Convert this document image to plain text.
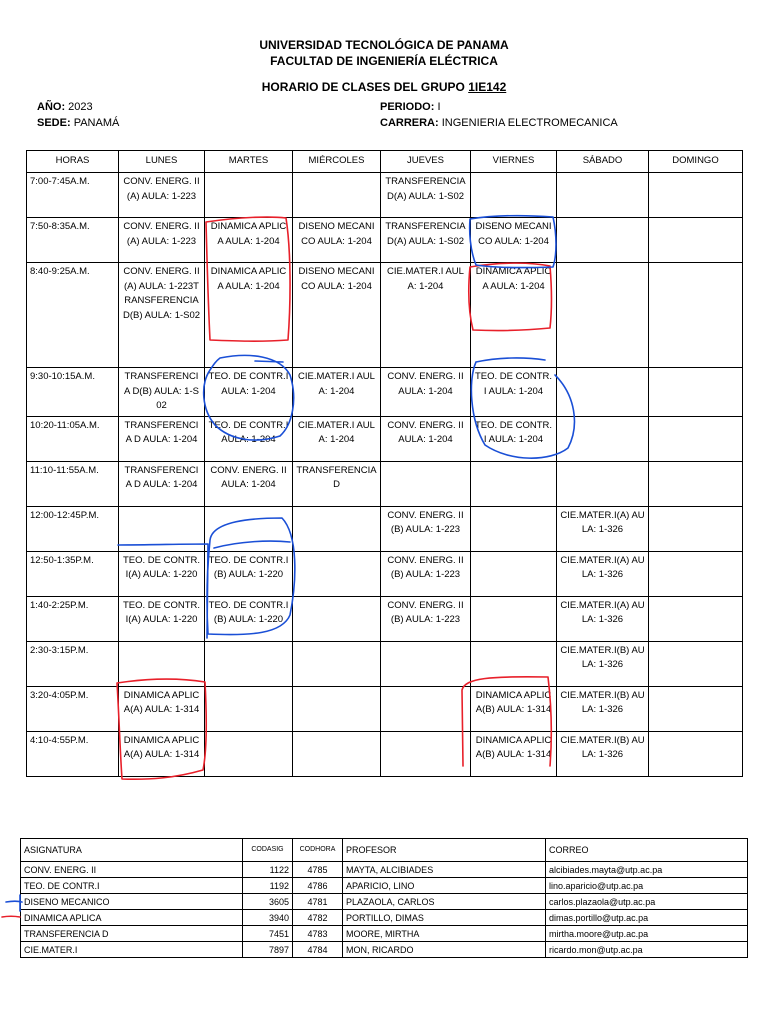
UNIVERSIDAD TECNOLÓGICA DE PANAMA
FACULTAD DE INGENIERÍA ELÉCTRICA
HORARIO DE CLASES DEL GRUPO 1IE142
AÑO: 2023
SEDE: PANAMÁ
PERIODO: I
CARRERA: INGENIERIA ELECTROMECANICA
HORAS	LUNES	MARTES	MIÉRCOLES	JUEVES	VIERNES	SÁBADO	DOMINGO
7:00-7:45A.M.	CONV. ENERG. II(A) AULA: 1-223			TRANSFERENCIA D(A) AULA: 1-S02			
7:50-8:35A.M.	CONV. ENERG. II(A) AULA: 1-223	DINAMICA APLICA AULA: 1-204	DISENO MECANICO AULA: 1-204	TRANSFERENCIA D(A) AULA: 1-S02	DISENO MECANICO AULA: 1-204		
8:40-9:25A.M.	CONV. ENERG. II(A) AULA: 1-223TRANSFERENCIA D(B) AULA: 1-S02	DINAMICA APLICA AULA: 1-204	DISENO MECANICO AULA: 1-204	CIE.MATER.I AULA: 1-204	DINAMICA APLICA AULA: 1-204		
9:30-10:15A.M.	TRANSFERENCIA D(B) AULA: 1-S02	TEO. DE CONTR.I AULA: 1-204	CIE.MATER.I AULA: 1-204	CONV. ENERG. II AULA: 1-204	TEO. DE CONTR.I AULA: 1-204		
10:20-11:05A.M.	TRANSFERENCIA D AULA: 1-204	TEO. DE CONTR.I AULA: 1-204	CIE.MATER.I AULA: 1-204	CONV. ENERG. II AULA: 1-204	TEO. DE CONTR.I AULA: 1-204		
11:10-11:55A.M.	TRANSFERENCIA D AULA: 1-204	CONV. ENERG. II AULA: 1-204	TRANSFERENCIA D				
12:00-12:45P.M.				CONV. ENERG. II(B) AULA: 1-223		CIE.MATER.I(A) AULA: 1-326	
12:50-1:35P.M.	TEO. DE CONTR.I(A) AULA: 1-220	TEO. DE CONTR.I(B) AULA: 1-220		CONV. ENERG. II(B) AULA: 1-223		CIE.MATER.I(A) AULA: 1-326	
1:40-2:25P.M.	TEO. DE CONTR.I(A) AULA: 1-220	TEO. DE CONTR.I(B) AULA: 1-220		CONV. ENERG. II(B) AULA: 1-223		CIE.MATER.I(A) AULA: 1-326	
2:30-3:15P.M.						CIE.MATER.I(B) AULA: 1-326	
3:20-4:05P.M.	DINAMICA APLICA(A) AULA: 1-314				DINAMICA APLICA(B) AULA: 1-314	CIE.MATER.I(B) AULA: 1-326	
4:10-4:55P.M.	DINAMICA APLICA(A) AULA: 1-314				DINAMICA APLICA(B) AULA: 1-314	CIE.MATER.I(B) AULA: 1-326	
ASIGNATURA	CODASIG	CODHORA	PROFESOR	CORREO
CONV. ENERG. II	1122	4785	MAYTA, ALCIBIADES	alcibiades.mayta@utp.ac.pa
TEO. DE CONTR.I	1192	4786	APARICIO, LINO	lino.aparicio@utp.ac.pa
DISENO MECANICO	3605	4781	PLAZAOLA, CARLOS	carlos.plazaola@utp.ac.pa
DINAMICA APLICA	3940	4782	PORTILLO, DIMAS	dimas.portillo@utp.ac.pa
TRANSFERENCIA D	7451	4783	MOORE, MIRTHA	mirtha.moore@utp.ac.pa
CIE.MATER.I	7897	4784	MON, RICARDO	ricardo.mon@utp.ac.pa
